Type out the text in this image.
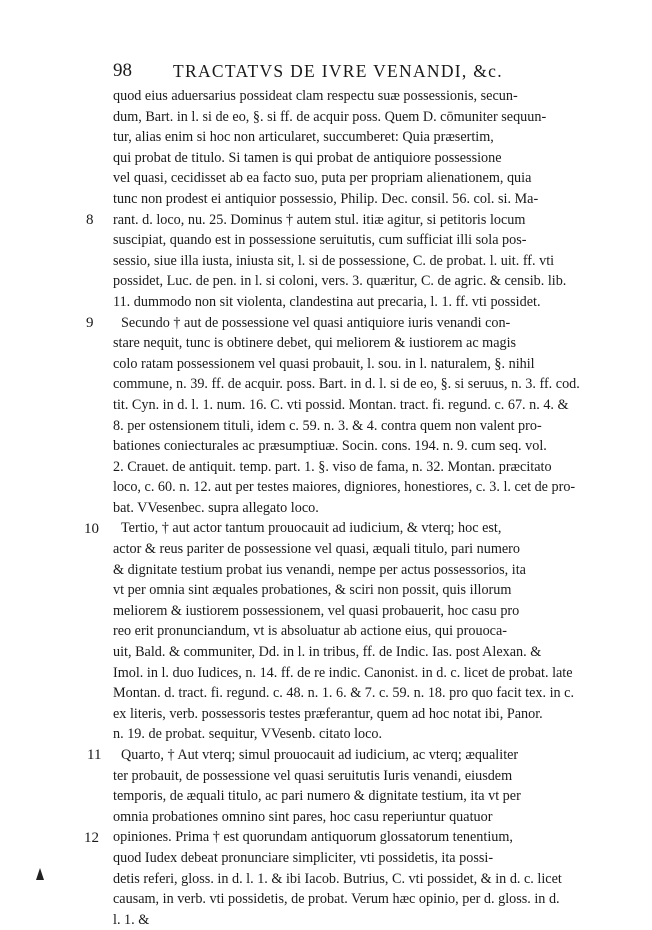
98 TRACTATVS DE IVRE VENANDI, &c.
quod eius aduersarius possideat clam respectu suæ possessionis, secun-
dum, Bart. in l. si de eo, §. si ff. de acquir poss. Quem D. cōmuniter sequun-
tur, alias enim si hoc non articularet, succumberet: Quia præsertim,
qui probat de titulo. Si tamen is qui probat de antiquiore possessione
vel quasi, cecidisset ab ea facto suo, puta per propriam alienationem, quia
tunc non prodest ei antiquior possessio, Philip. Dec. consil. 56. col. si. Ma-
rant. d. loco, nu. 25. Dominus † autem stul. itiæ agitur, si petitoris locum
suscipiat, quando est in possessione seruitutis, cum sufficiat illi sola pos-
sessio, siue illa iusta, iniusta sit, l. si de possessione, C. de probat. l. uit. ff. vti
possidet, Luc. de pen. in l. si coloni, vers. 3. quæritur, C. de agric. & censib. lib.
11. dummodo non sit violenta, clandestina aut precaria, l. 1. ff. vti possidet.
Secundo † aut de possessione vel quasi antiquiore iuris venandi con-
stare nequit, tunc is obtinere debet, qui meliorem & iustiorem ac magis
colo ratam possessionem vel quasi probauit, l. sou. in l. naturalem, §. nihil
commune, n. 39. ff. de acquir. poss. Bart. in d. l. si de eo, §. si seruus, n. 3. ff. cod.
tit. Cyn. in d. l. 1. num. 16. C. vti possid. Montan. tract. fi. regund. c. 67. n. 4. &
8. per ostensionem tituli, idem c. 59. n. 3. & 4. contra quem non valent pro-
bationes coniecturales ac præsumptiuæ. Socin. cons. 194. n. 9. cum seq. vol.
2. Crauet. de antiquit. temp. part. 1. §. viso de fama, n. 32. Montan. præcitato
loco, c. 60. n. 12. aut per testes maiores, digniores, honestiores, c. 3. l. cet de pro-
bat. VVesenbec. supra allegato loco.
Tertio, † aut actor tantum prouocauit ad iudicium, & vterq; hoc est,
actor & reus pariter de possessione vel quasi, æquali titulo, pari numero
& dignitate testium probat ius venandi, nempe per actus possessorios, ita
vt per omnia sint æquales probationes, & sciri non possit, quis illorum
meliorem & iustiorem possessionem, vel quasi probauerit, hoc casu pro
reo erit pronunciandum, vt is absoluatur ab actione eius, qui prouoca-
uit, Bald. & communiter, Dd. in l. in tribus, ff. de Indic. Ias. post Alexan. &
Imol. in l. duo Iudices, n. 14. ff. de re indic. Canonist. in d. c. licet de probat. late
Montan. d. tract. fi. regund. c. 48. n. 1. 6. & 7. c. 59. n. 18. pro quo facit tex. in c.
ex literis, verb. possessoris testes præferantur, quem ad hoc notat ibi, Panor.
n. 19. de probat. sequitur, VVesenb. citato loco.
Quarto, † Aut vterq; simul prouocauit ad iudicium, ac vterq; æqualiter
ter probauit, de possessione vel quasi seruitutis Iuris venandi, eiusdem
temporis, de æquali titulo, ac pari numero & dignitate testium, ita vt per
omnia probationes omnino sint pares, hoc casu reperiuntur quatuor
opiniones. Prima † est quorundam antiquorum glossatorum tenentium,
quod Iudex debeat pronunciare simpliciter, vti possidetis, ita possi-
detis referi, gloss. in d. l. 1. & ibi Iacob. Butrius, C. vti possidet, & in d. c. licet
causam, in verb. vti possidetis, de probat. Verum hæc opinio, per d. gloss. in d.
l. 1. &
8
9
10
11
12
